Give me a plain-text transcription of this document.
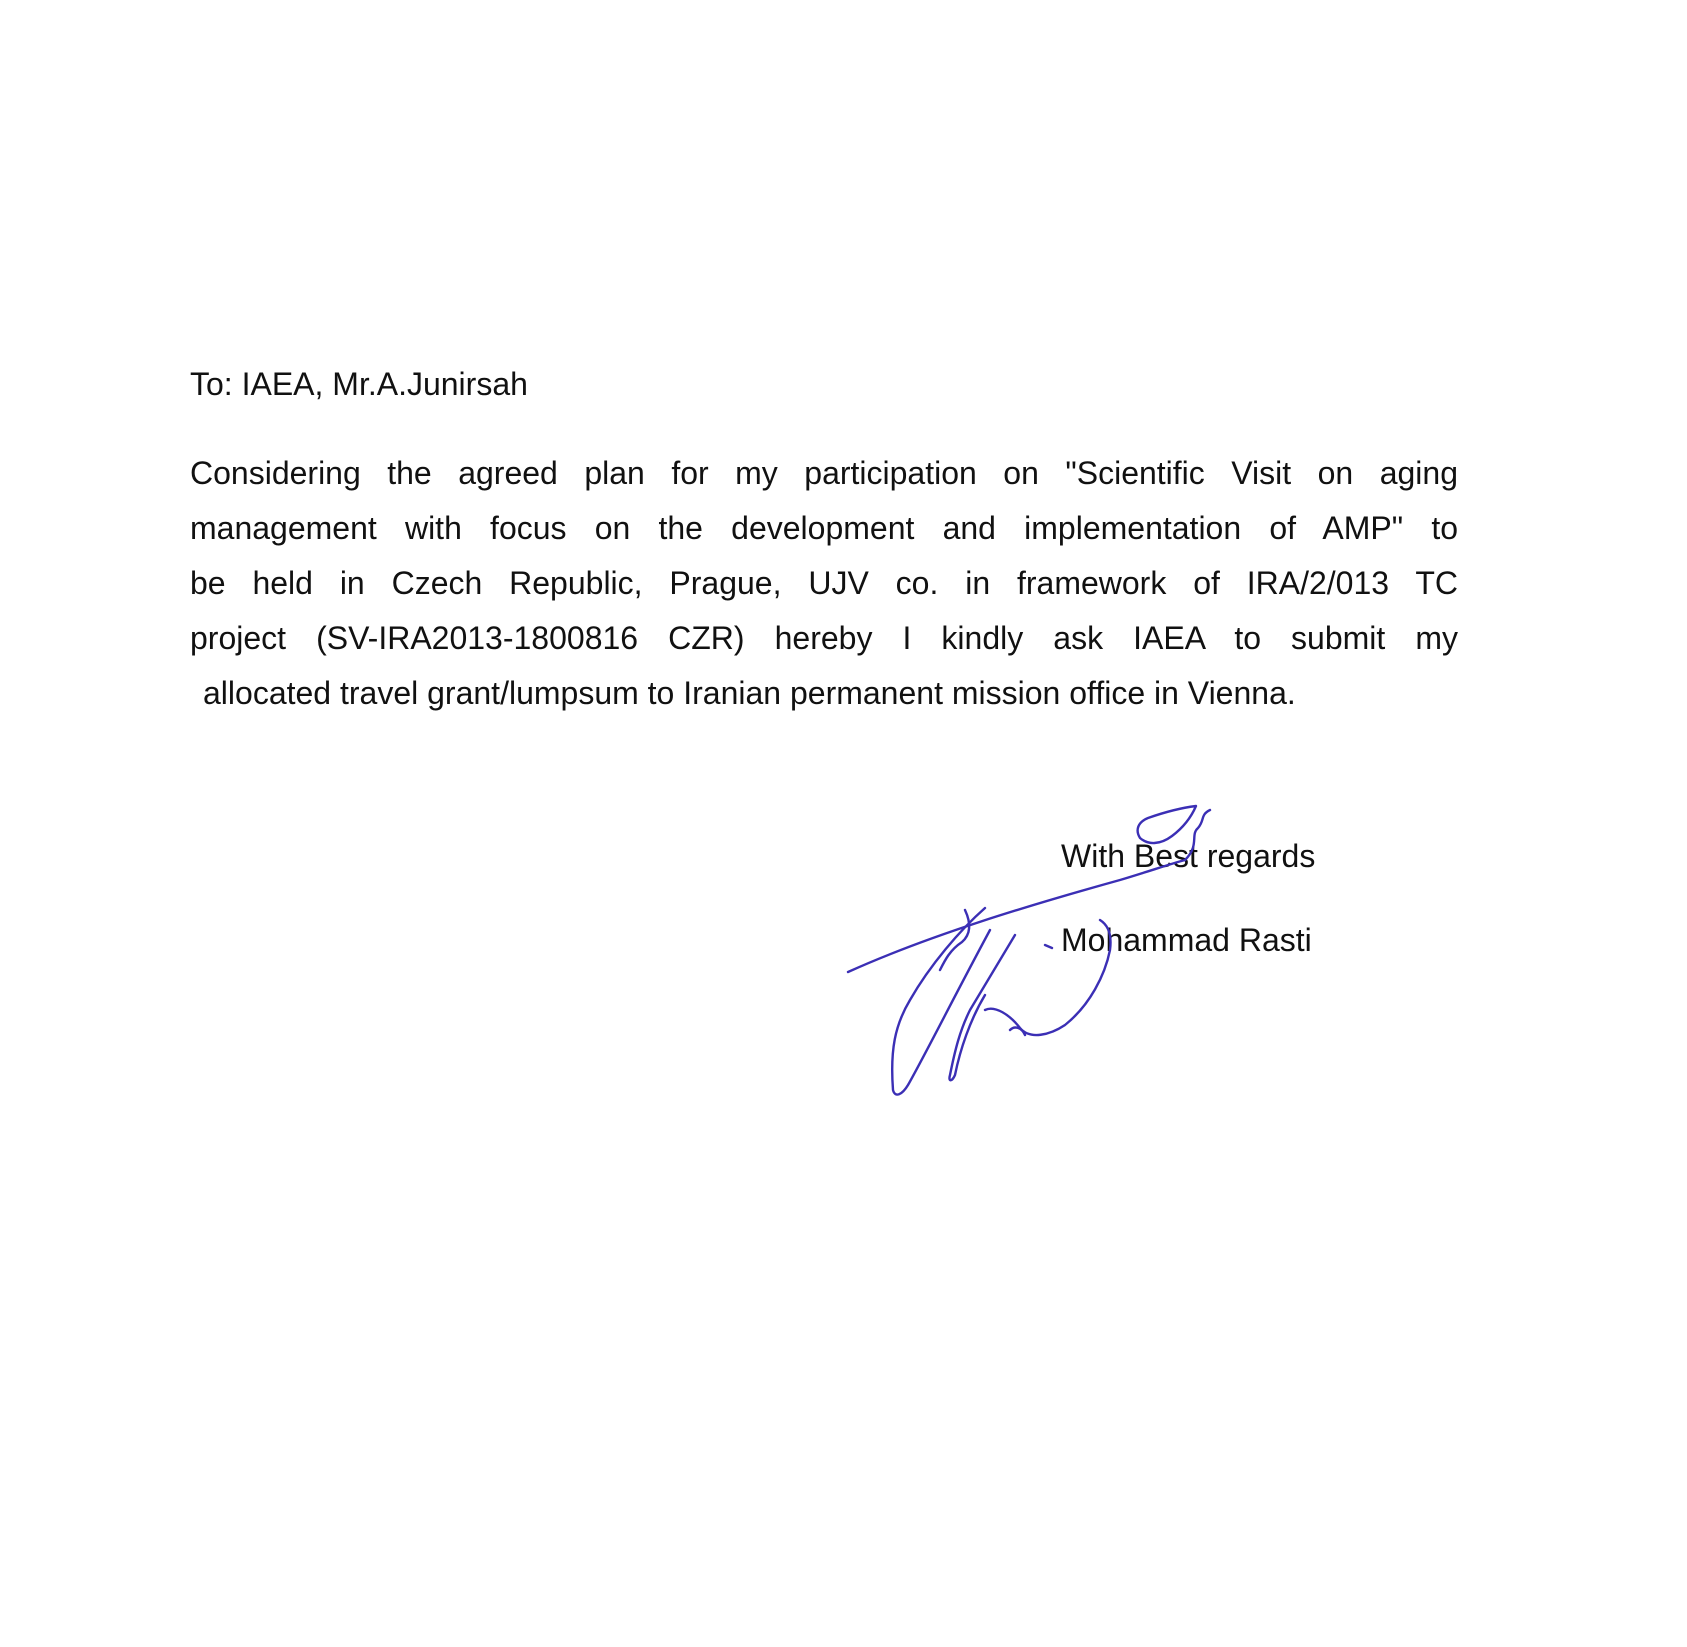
To: IAEA, Mr.A.Junirsah
Considering the agreed plan for my participation on "Scientific Visit on aging
management with focus on the development and implementation of AMP" to
be held in Czech Republic, Prague, UJV co. in framework of IRA/2/013 TC
project (SV-IRA2013-1800816 CZR) hereby I kindly ask IAEA to submit my
allocated travel grant/lumpsum to Iranian permanent mission office in Vienna.
With Best regards
Mohammad Rasti
